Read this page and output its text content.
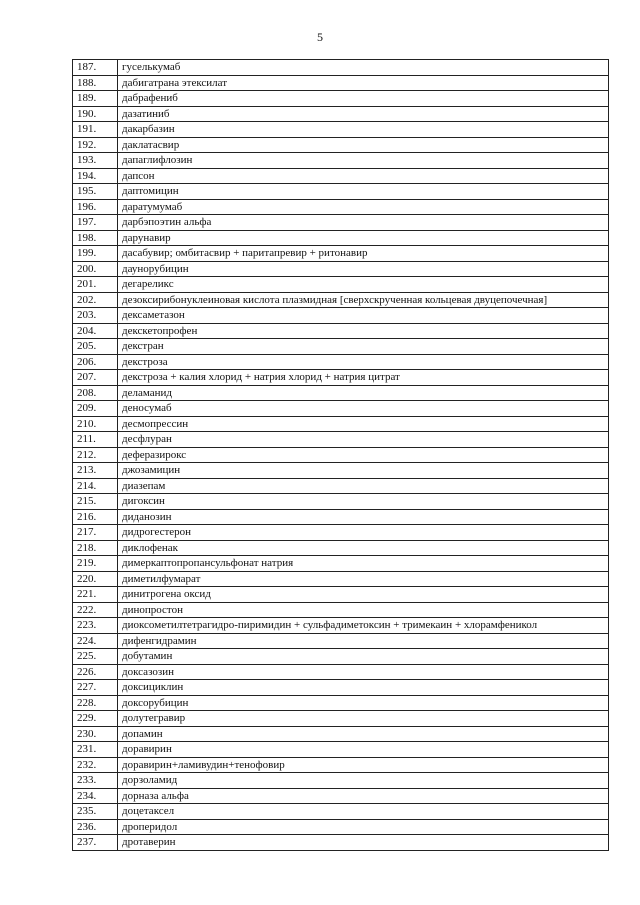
5
187.	гуселькумаб
188.	дабигатрана этексилат
189.	дабрафениб
190.	дазатиниб
191.	дакарбазин
192.	даклатасвир
193.	дапаглифлозин
194.	дапсон
195.	даптомицин
196.	даратумумаб
197.	дарбэпоэтин альфа
198.	дарунавир
199.	дасабувир; омбитасвир + паритапревир + ритонавир
200.	даунорубицин
201.	дегареликс
202.	дезоксирибонуклеиновая кислота плазмидная [сверхскрученная кольцевая двуцепочечная]
203.	дексаметазон
204.	декскетопрофен
205.	декстран
206.	декстроза
207.	декстроза + калия хлорид + натрия хлорид + натрия цитрат
208.	деламанид
209.	деносумаб
210.	десмопрессин
211.	десфлуран
212.	деферазирокс
213.	джозамицин
214.	диазепам
215.	дигоксин
216.	диданозин
217.	дидрогестерон
218.	диклофенак
219.	димеркаптопропансульфонат натрия
220.	диметилфумарат
221.	динитрогена оксид
222.	динопростон
223.	диоксометилтетрагидро-пиримидин + сульфадиметоксин + тримекаин + хлорамфеникол
224.	дифенгидрамин
225.	добутамин
226.	доксазозин
227.	доксициклин
228.	доксорубицин
229.	долутегравир
230.	допамин
231.	доравирин
232.	доравирин+ламивудин+тенофовир
233.	дорзоламид
234.	дорназа альфа
235.	доцетаксел
236.	дроперидол
237.	дротаверин
